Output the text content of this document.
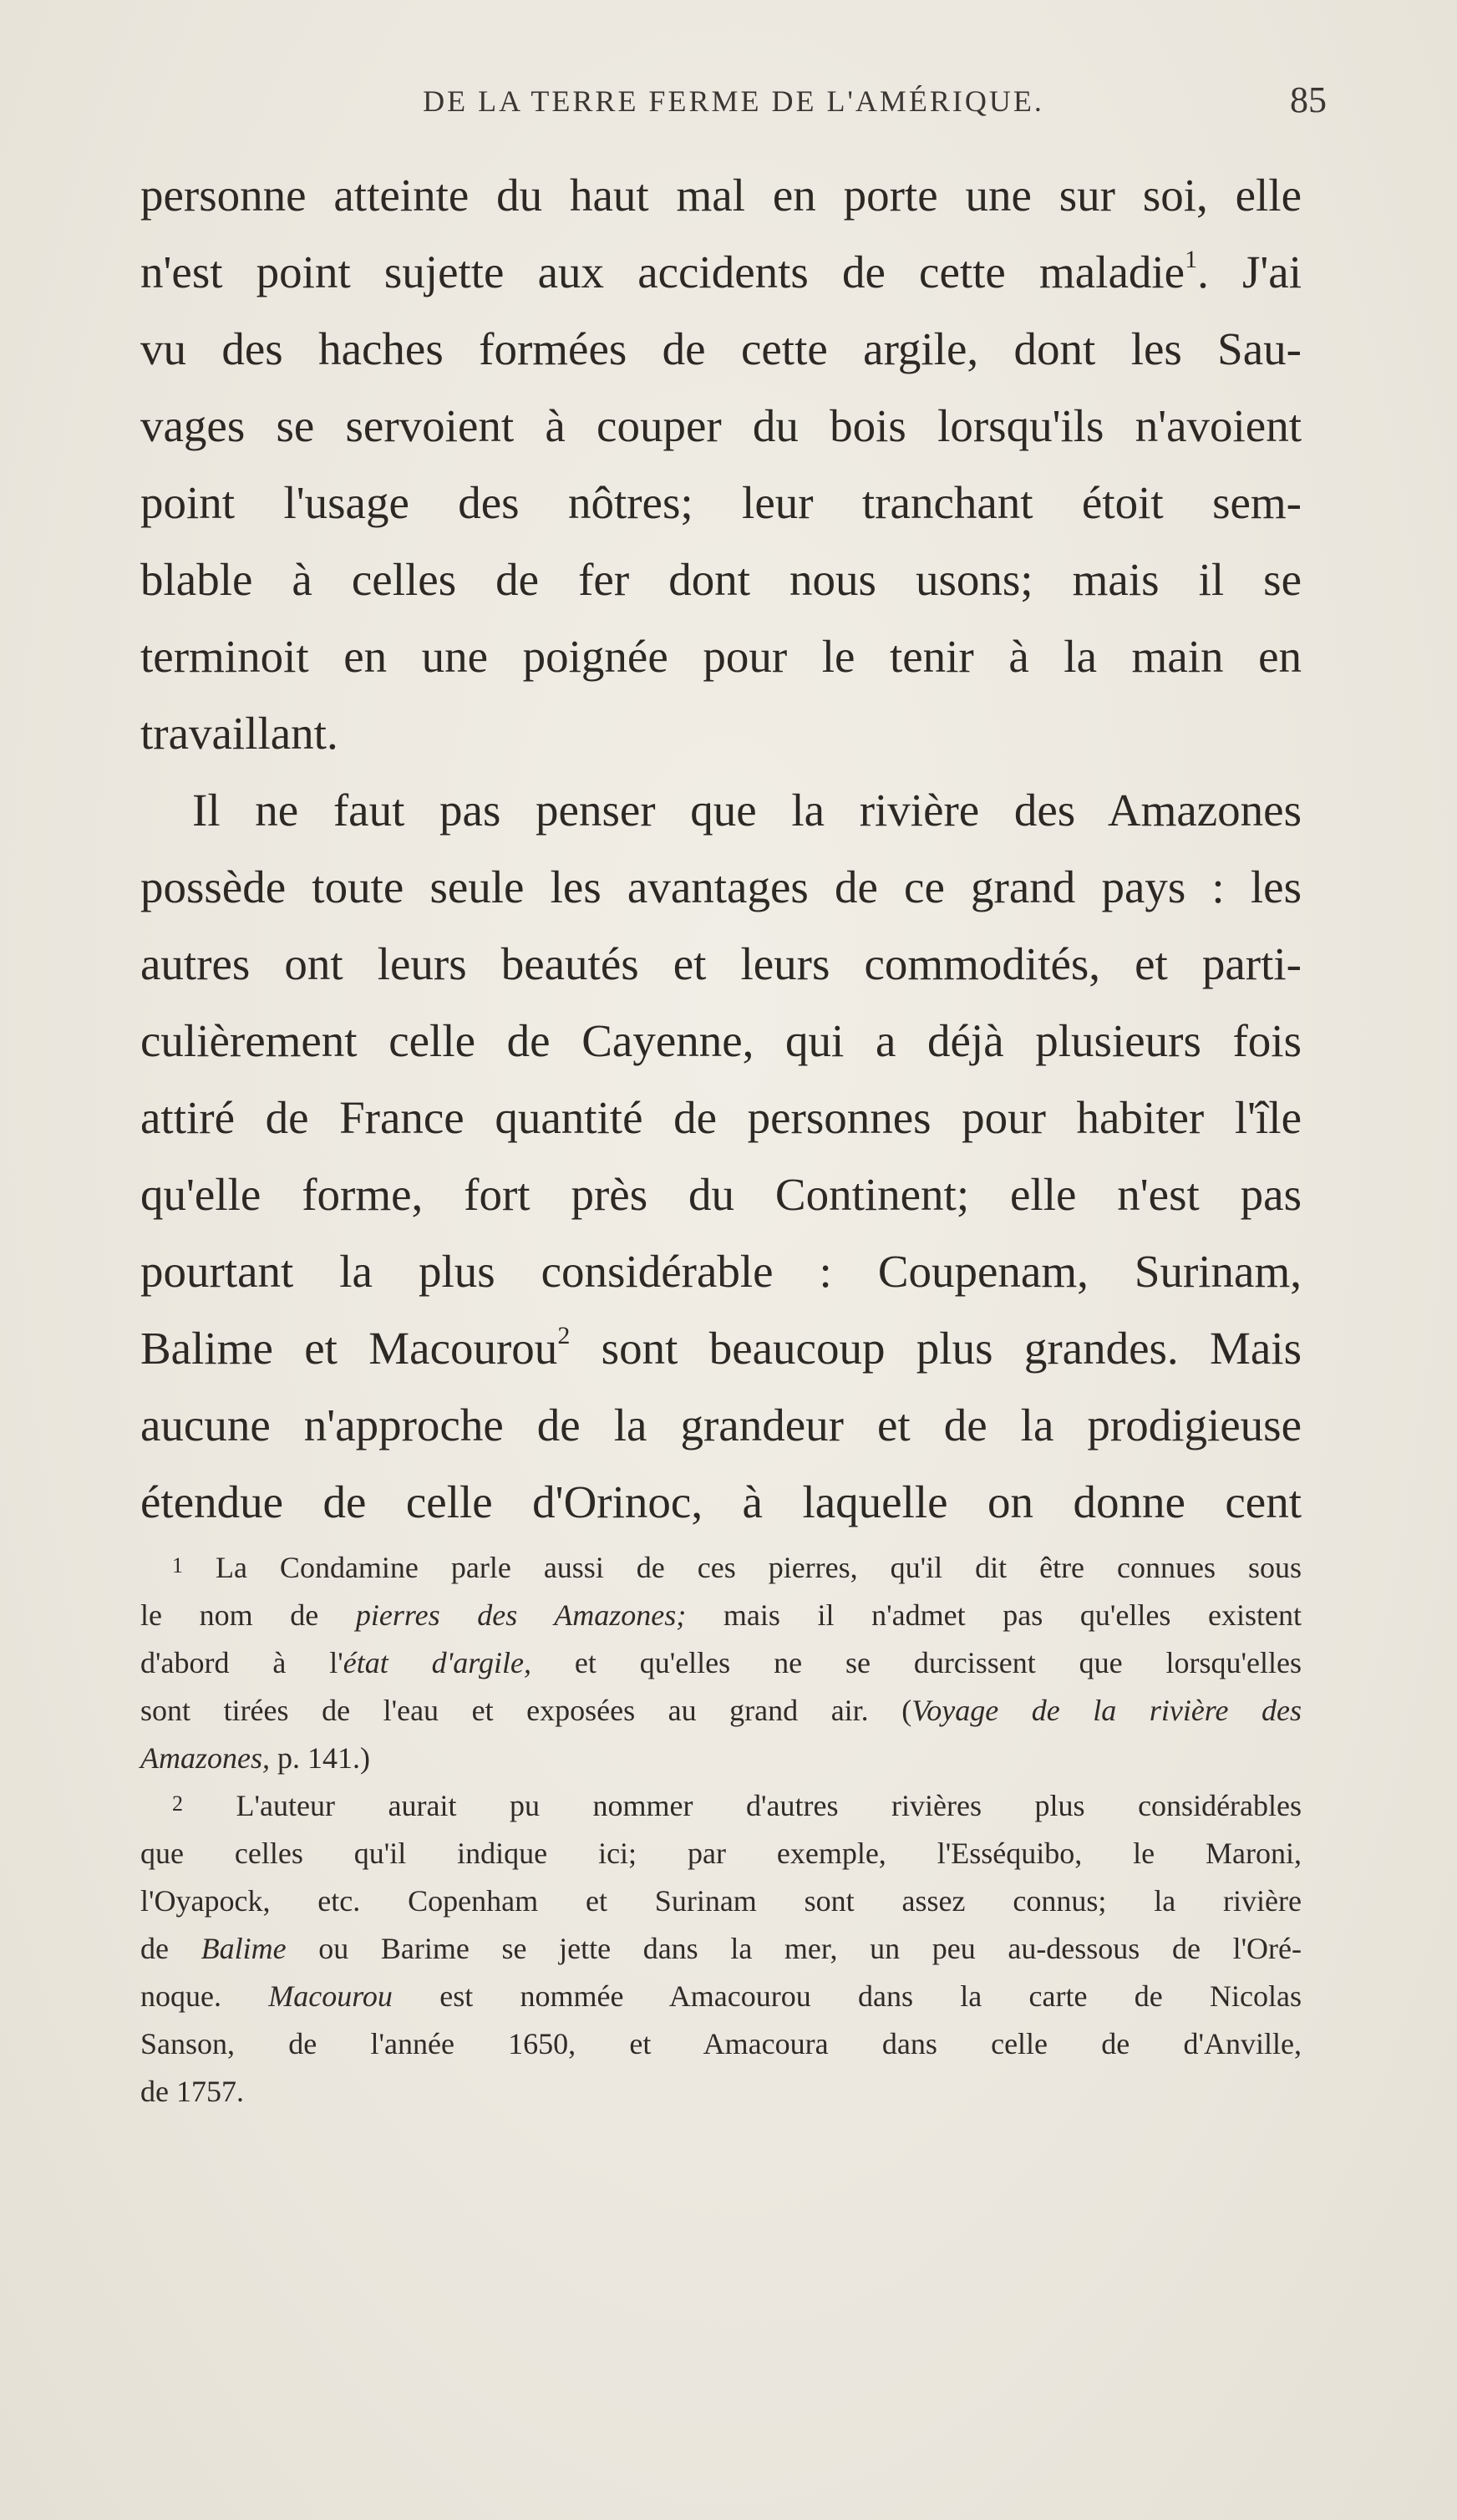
DE LA TERRE FERME DE L'AMÉRIQUE.	85
personne atteinte du haut mal en porte une sur soi, elle
n'est point sujette aux accidents de cette maladie$^1$. J'ai
vu des haches formées de cette argile, dont les Sau-
vages se servoient à couper du bois lorsqu'ils n'avoient
point l'usage des nôtres; leur tranchant étoit sem-
blable à celles de fer dont nous usons; mais il se
terminoit en une poignée pour le tenir à la main en
travaillant.
Il ne faut pas penser que la rivière des Amazones
possède toute seule les avantages de ce grand pays : les
autres ont leurs beautés et leurs commodités, et parti-
culièrement celle de Cayenne, qui a déjà plusieurs fois
attiré de France quantité de personnes pour habiter l'île
qu'elle forme, fort près du Continent; elle n'est pas
pourtant la plus considérable : Coupenam, Surinam,
Balime et Macourou$^2$ sont beaucoup plus grandes. Mais
aucune n'approche de la grandeur et de la prodigieuse
étendue de celle d'Orinoc, à laquelle on donne cent
$^1$ La Condamine parle aussi de ces pierres, qu'il dit être connues sous
le nom de pierres des Amazones; mais il n'admet pas qu'elles existent
d'abord à l'état d'argile, et qu'elles ne se durcissent que lorsqu'elles
sont tirées de l'eau et exposées au grand air. (Voyage de la rivière des
Amazones, p. 141.)
$^2$ L'auteur aurait pu nommer d'autres rivières plus considérables
que celles qu'il indique ici; par exemple, l'Esséquibo, le Maroni,
l'Oyapock, etc. Copenham et Surinam sont assez connus; la rivière
de Balime ou Barime se jette dans la mer, un peu au-dessous de l'Oré-
noque. Macourou est nommée Amacourou dans la carte de Nicolas
Sanson, de l'année 1650, et Amacoura dans celle de d'Anville,
de 1757.
